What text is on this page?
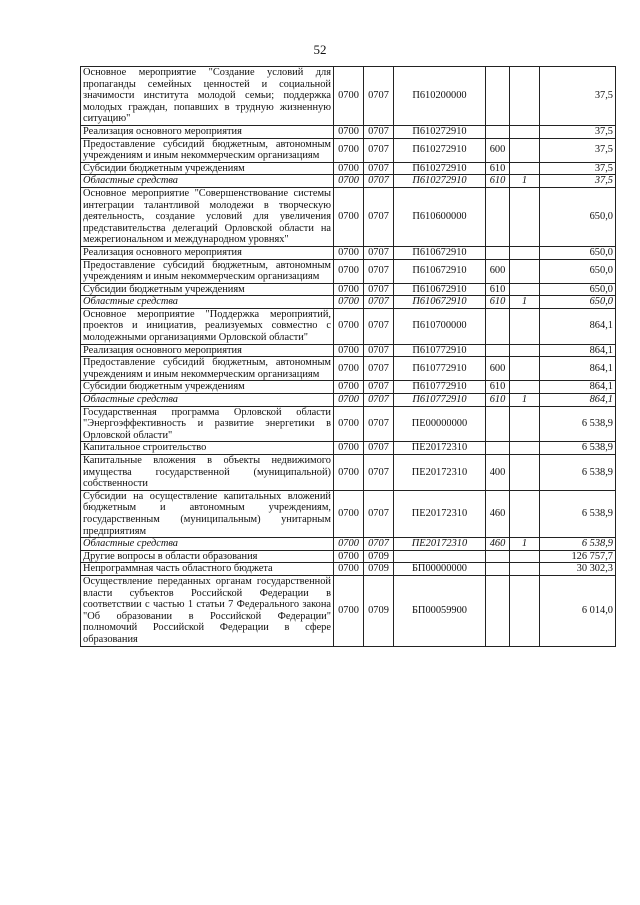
52
Основное мероприятие "Создание условий для пропаганды семейных ценностей и социальной значимости института молодой семьи; поддержка молодых граждан, попавших в трудную жизненную ситуацию"	0700	0707	П610200000			37,5
Реализация основного мероприятия	0700	0707	П610272910			37,5
Предоставление субсидий бюджетным, автономным учреждениям и иным некоммерческим организациям	0700	0707	П610272910	600		37,5
Субсидии бюджетным учреждениям	0700	0707	П610272910	610		37,5
Областные средства	0700	0707	П610272910	610	1	37,5
Основное мероприятие "Совершенствование системы интеграции талантливой молодежи в творческую деятельность, создание условий для увеличения представительства делегаций Орловской области на межрегиональном и международном уровнях"	0700	0707	П610600000			650,0
Реализация основного мероприятия	0700	0707	П610672910			650,0
Предоставление субсидий бюджетным, автономным учреждениям и иным некоммерческим организациям	0700	0707	П610672910	600		650,0
Субсидии бюджетным учреждениям	0700	0707	П610672910	610		650,0
Областные средства	0700	0707	П610672910	610	1	650,0
Основное мероприятие "Поддержка мероприятий, проектов и инициатив, реализуемых совместно с молодежными организациями Орловской области"	0700	0707	П610700000			864,1
Реализация основного мероприятия	0700	0707	П610772910			864,1
Предоставление субсидий бюджетным, автономным учреждениям и иным некоммерческим организациям	0700	0707	П610772910	600		864,1
Субсидии бюджетным учреждениям	0700	0707	П610772910	610		864,1
Областные средства	0700	0707	П610772910	610	1	864,1
Государственная программа Орловской области "Энергоэффективность и развитие энергетики в Орловской области"	0700	0707	ПЕ00000000			6 538,9
Капитальное строительство	0700	0707	ПЕ20172310			6 538,9
Капитальные вложения в объекты недвижимого имущества государственной (муниципальной) собственности	0700	0707	ПЕ20172310	400		6 538,9
Субсидии на осуществление капитальных вложений бюджетным и автономным учреждениям, государственным (муниципальным) унитарным предприятиям	0700	0707	ПЕ20172310	460		6 538,9
Областные средства	0700	0707	ПЕ20172310	460	1	6 538,9
Другие вопросы в области образования	0700	0709				126 757,7
Непрограммная часть областного бюджета	0700	0709	БП00000000			30 302,3
Осуществление переданных органам государственной власти субъектов Российской Федерации в соответствии с частью 1 статьи 7 Федерального закона "Об образовании в Российской Федерации" полномочий Российской Федерации в сфере образования	0700	0709	БП00059900			6 014,0
